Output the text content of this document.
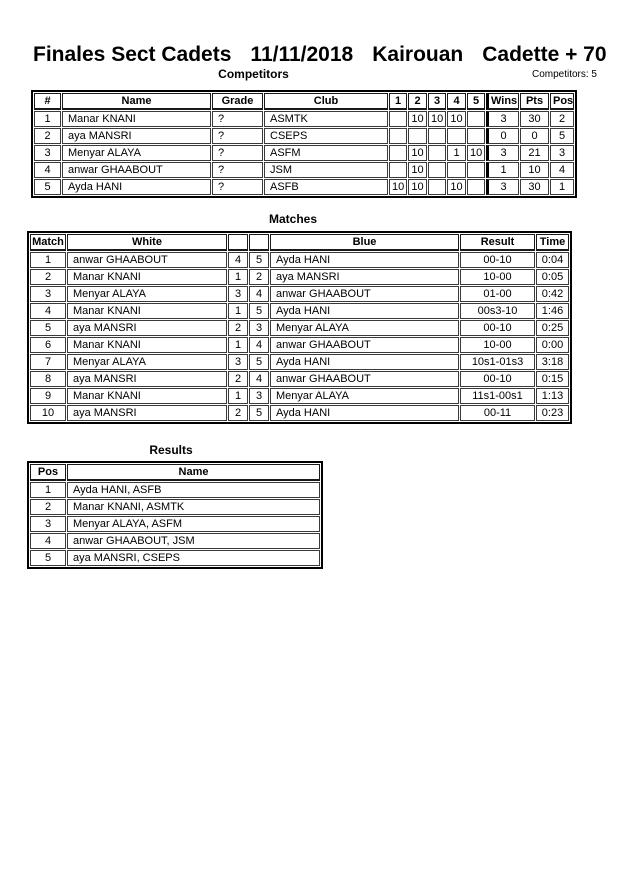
Finales Sect Cadets 11/11/2018 Kairouan Cadette + 70
Competitors	Competitors: 5
#	Name	Grade	Club	1	2	3	4	5	Wins	Pts	Pos
1	Manar KNANI	?	ASMTK		10	10	10		3	30	2
2	aya MANSRI	?	CSEPS						0	0	5
3	Menyar ALAYA	?	ASFM		10		1	10	3	21	3
4	anwar GHAABOUT	?	JSM		10				1	10	4
5	Ayda HANI	?	ASFB	10	10		10		3	30	1
Matches
Match	White			Blue	Result	Time
1	anwar GHAABOUT	4	5	Ayda HANI	00-10	0:04
2	Manar KNANI	1	2	aya MANSRI	10-00	0:05
3	Menyar ALAYA	3	4	anwar GHAABOUT	01-00	0:42
4	Manar KNANI	1	5	Ayda HANI	00s3-10	1:46
5	aya MANSRI	2	3	Menyar ALAYA	00-10	0:25
6	Manar KNANI	1	4	anwar GHAABOUT	10-00	0:00
7	Menyar ALAYA	3	5	Ayda HANI	10s1-01s3	3:18
8	aya MANSRI	2	4	anwar GHAABOUT	00-10	0:15
9	Manar KNANI	1	3	Menyar ALAYA	11s1-00s1	1:13
10	aya MANSRI	2	5	Ayda HANI	00-11	0:23
Results
Pos	Name
1	Ayda HANI, ASFB
2	Manar KNANI, ASMTK
3	Menyar ALAYA, ASFM
4	anwar GHAABOUT, JSM
5	aya MANSRI, CSEPS
